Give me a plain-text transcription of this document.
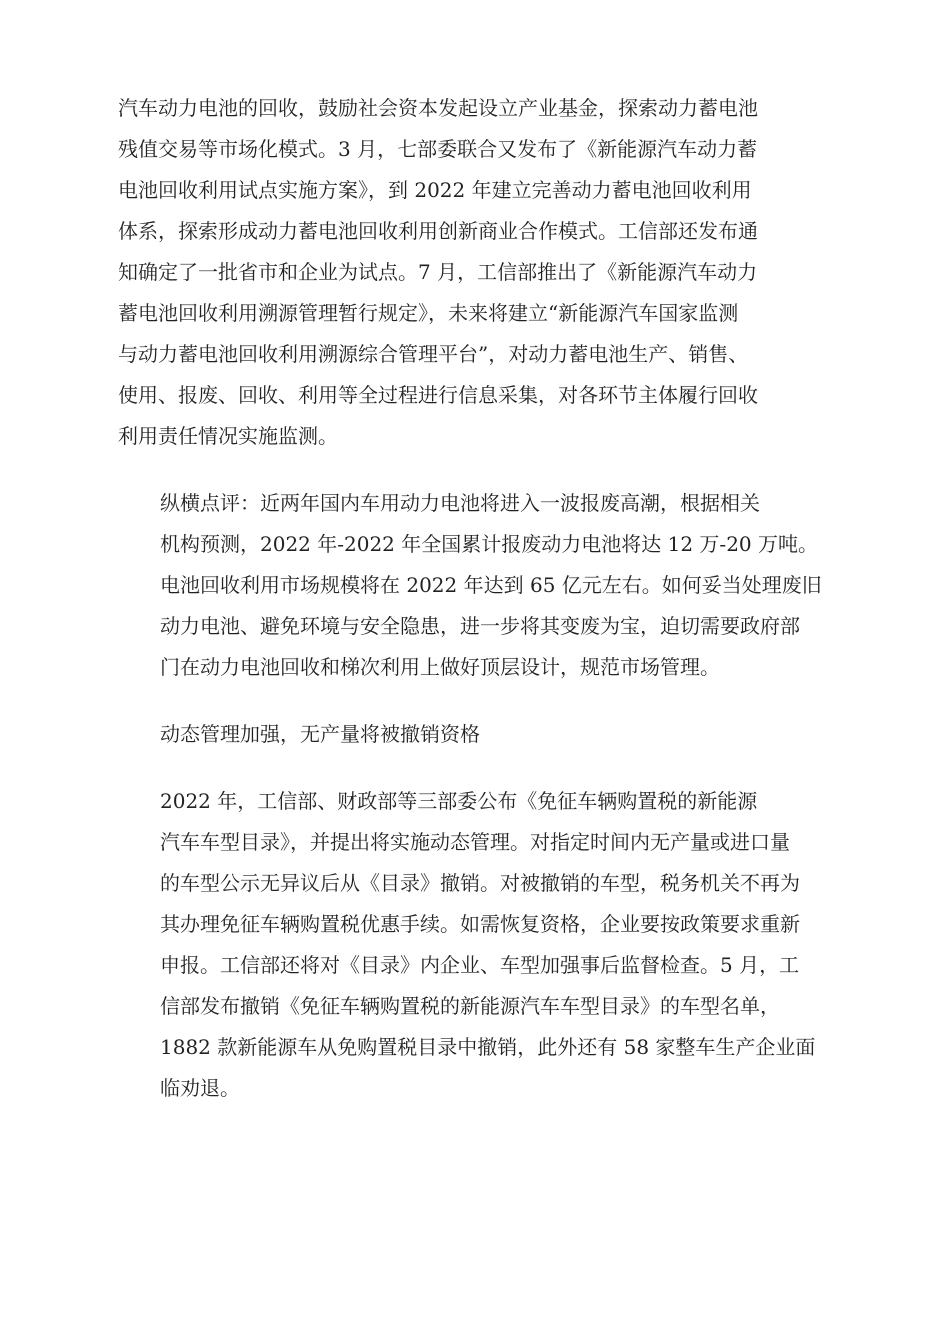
汽车动力电池的回收，鼓励社会资本发起设立产业基金，探索动力蓄电池
残值交易等市场化模式。3 月，七部委联合又发布了《新能源汽车动力蓄
电池回收利用试点实施方案》，到 2022 年建立完善动力蓄电池回收利用
体系，探索形成动力蓄电池回收利用创新商业合作模式。工信部还发布通
知确定了一批省市和企业为试点。7 月，工信部推出了《新能源汽车动力
蓄电池回收利用溯源管理暂行规定》，未来将建立“新能源汽车国家监测
与动力蓄电池回收利用溯源综合管理平台”，对动力蓄电池生产、销售、
使用、报废、回收、利用等全过程进行信息采集，对各环节主体履行回收
利用责任情况实施监测。
纵横点评：近两年国内车用动力电池将进入一波报废高潮，根据相关
机构预测，2022 年-2022 年全国累计报废动力电池将达 12 万-20 万吨。
电池回收利用市场规模将在 2022 年达到 65 亿元左右。如何妥当处理废旧
动力电池、避免环境与安全隐患，进一步将其变废为宝，迫切需要政府部
门在动力电池回收和梯次利用上做好顶层设计，规范市场管理。
动态管理加强，无产量将被撤销资格
2022 年，工信部、财政部等三部委公布《免征车辆购置税的新能源
汽车车型目录》，并提出将实施动态管理。对指定时间内无产量或进口量
的车型公示无异议后从《目录》撤销。对被撤销的车型，税务机关不再为
其办理免征车辆购置税优惠手续。如需恢复资格，企业要按政策要求重新
申报。工信部还将对《目录》内企业、车型加强事后监督检查。5 月，工
信部发布撤销《免征车辆购置税的新能源汽车车型目录》的车型名单，
1882 款新能源车从免购置税目录中撤销，此外还有 58 家整车生产企业面
临劝退。
